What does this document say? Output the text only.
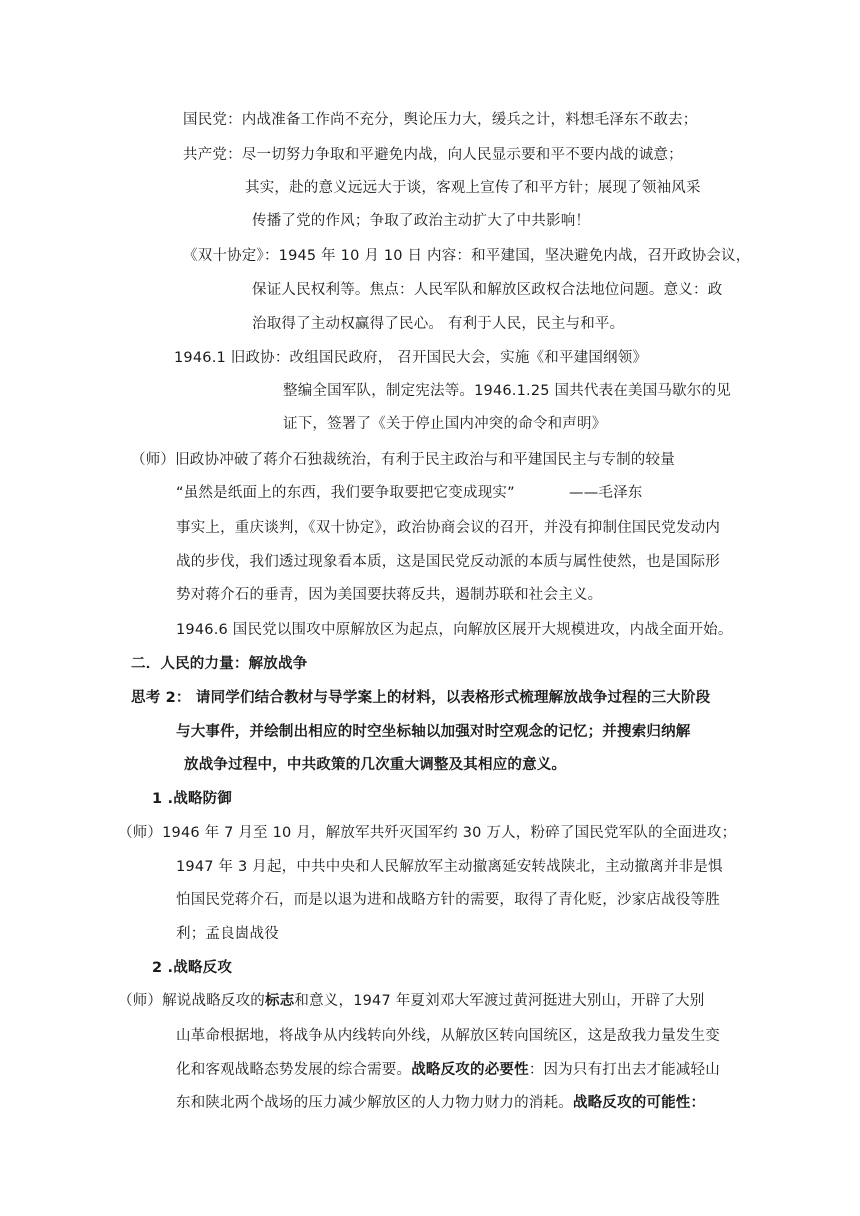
国民党：内战准备工作尚不充分，舆论压力大，缓兵之计，料想毛泽东不敢去；
共产党：尽一切努力争取和平避免内战，向人民显示要和平不要内战的诚意；
其实，赴的意义远远大于谈，客观上宣传了和平方针；展现了领袖风采
传播了党的作风；争取了政治主动扩大了中共影响！
《双十协定》：1945 年 10 月 10 日 内容：和平建国，坚决避免内战，召开政协会议，
保证人民权利等。焦点：人民军队和解放区政权合法地位问题。意义：政
治取得了主动权赢得了民心。 有利于人民，民主与和平。
1946.1 旧政协：改组国民政府， 召开国民大会，实施《和平建国纲领》
整编全国军队，制定宪法等。1946.1.25 国共代表在美国马歇尔的见
证下，签署了《关于停止国内冲突的命令和声明》
（师）旧政协冲破了蒋介石独裁统治，有利于民主政治与和平建国民主与专制的较量
“虽然是纸面上的东西，我们要争取要把它变成现实”	——毛泽东
事实上，重庆谈判，《双十协定》，政治协商会议的召开，并没有抑制住国民党发动内
战的步伐，我们透过现象看本质，这是国民党反动派的本质与属性使然，也是国际形
势对蒋介石的垂青，因为美国要扶蒋反共，遏制苏联和社会主义。
1946.6 国民党以围攻中原解放区为起点，向解放区展开大规模进攻，内战全面开始。
二．人民的力量：解放战争
思考 2： 请同学们结合教材与导学案上的材料，以表格形式梳理解放战争过程的三大阶段
与大事件，并绘制出相应的时空坐标轴以加强对时空观念的记忆；并搜索归纳解
放战争过程中，中共政策的几次重大调整及其相应的意义。
1 .战略防御
（师）1946 年 7 月至 10 月，解放军共歼灭国军约 30 万人，粉碎了国民党军队的全面进攻；
1947 年 3 月起，中共中央和人民解放军主动撤离延安转战陕北，主动撤离并非是惧
怕国民党蒋介石，而是以退为进和战略方针的需要，取得了青化贬，沙家店战役等胜
利；孟良崮战役
2 .战略反攻
（师）解说战略反攻的标志和意义，1947 年夏刘邓大军渡过黄河挺进大别山，开辟了大别
山革命根据地，将战争从内线转向外线，从解放区转向国统区，这是敌我力量发生变
化和客观战略态势发展的综合需要。战略反攻的必要性：因为只有打出去才能减轻山
东和陕北两个战场的压力减少解放区的人力物力财力的消耗。战略反攻的可能性：
